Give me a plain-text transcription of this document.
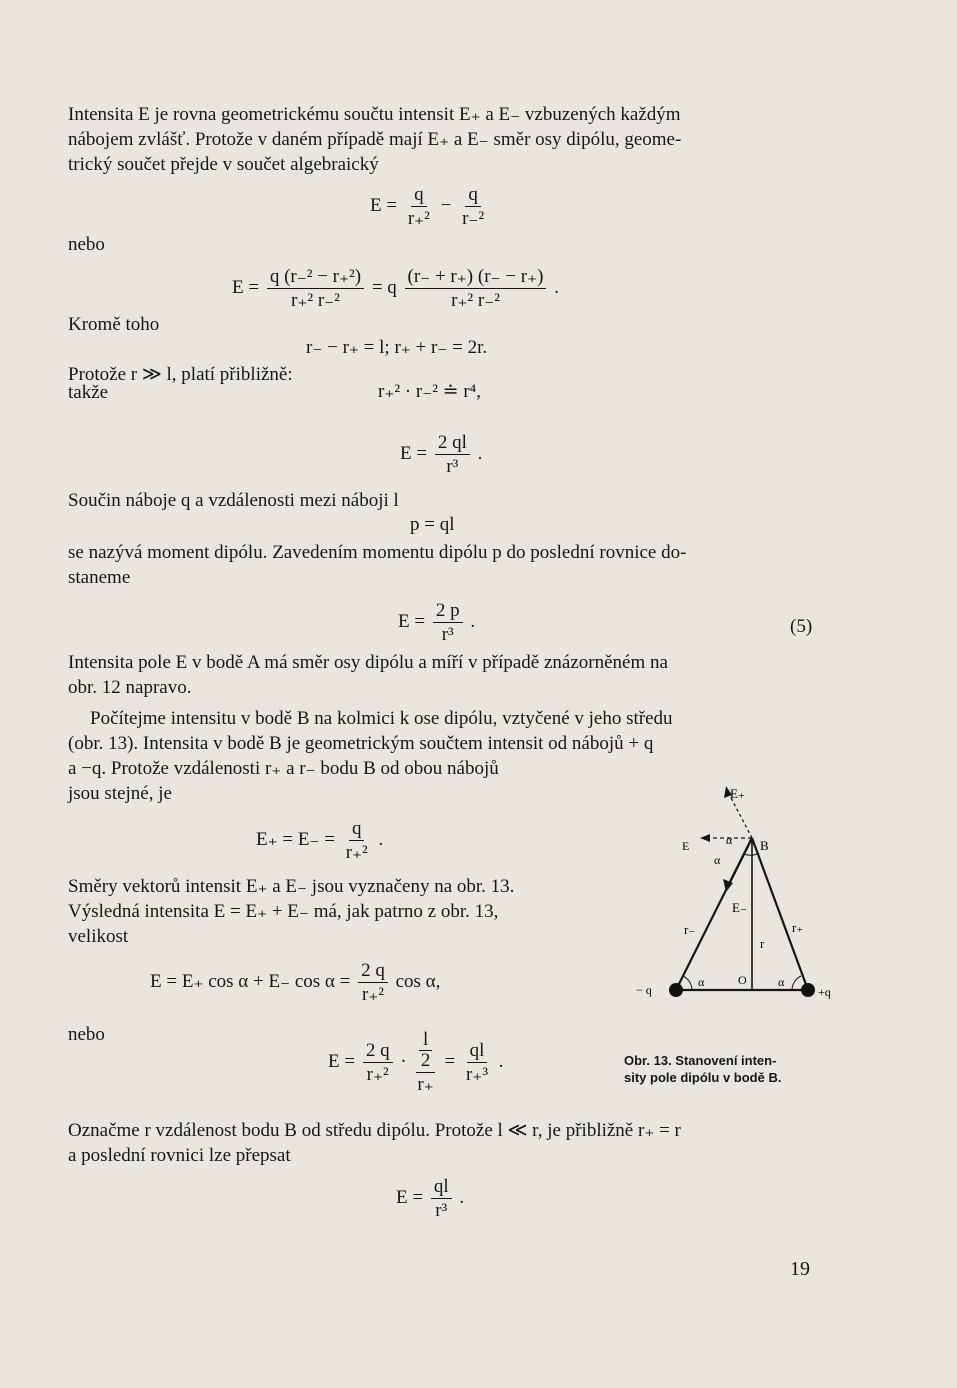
Intensita E je rovna geometrickému součtu intensit E₊ a E₋ vzbuzených každým
nábojem zvlášť. Protože v daném případě mají E₊ a E₋ směr osy dipólu, geome-
trický součet přejde v součet algebraický
$E = \frac{q}{\text{r₊²}} - \frac{q}{\text{r₋²}}$
nebo
$E = \frac{\text{q (r₋² − r₊²)}}{\text{r₊² r₋²}} = q \frac{(r_- + r_+) (r_- - r_+)}{\text{r₊² r₋²}}$ .
Kromě toho
r₋ − r₊ = l; r₊ + r₋ = 2r.
Protože r ≫ l, platí přibližně:
r₊² · r₋² ≐ r⁴,
takže
$E = \frac{2 ql}{\text{r³}}$ .
Součin náboje q a vzdálenosti mezi náboji l
p = ql
se nazývá moment dipólu. Zavedením momentu dipólu p do poslední rovnice do-
staneme
$E = \frac{2 p}{\text{r³}}$ .	(5)
Intensita pole E v bodě A má směr osy dipólu a míří v případě znázorněném na
obr. 12 napravo.
Počítejme intensitu v bodě B na kolmici k ose dipólu, vztyčené v jeho středu
(obr. 13). Intensita v bodě B je geometrickým součtem intensit od nábojů + q
a −q. Protože vzdálenosti r₊ a r₋ bodu B od obou nábojů
jsou stejné, je
$E_+ = E_- = \frac{q}{\text{r₊²}}$ .
Směry vektorů intensit E₊ a E₋ jsou vyznačeny na obr. 13.
Výsledná intensita E = E₊ + E₋ má, jak patrno z obr. 13,
velikost
E = E₊ cos α + E₋ $\cos \alpha = \frac{2 q}{\text{r₊²}}$ cos α,
nebo
$E = \frac{2 q}{\text{r₊²}} \cdot l$
2
$r_+ = \frac{ql}{\text{r₊³}}$ .	Obr. 13. Stanovení inten-
sity pole dipólu v bodě B.
E₊
E	α
α
B
E₋
r₋	r₊
r
α	O	α
− q	+q
Označme r vzdálenost bodu B od středu dipólu. Protože l ≪ r, je přibližně r₊ = r
a poslední rovnici lze přepsat
$E = \frac{ql}{\text{r³}}$ .
19
